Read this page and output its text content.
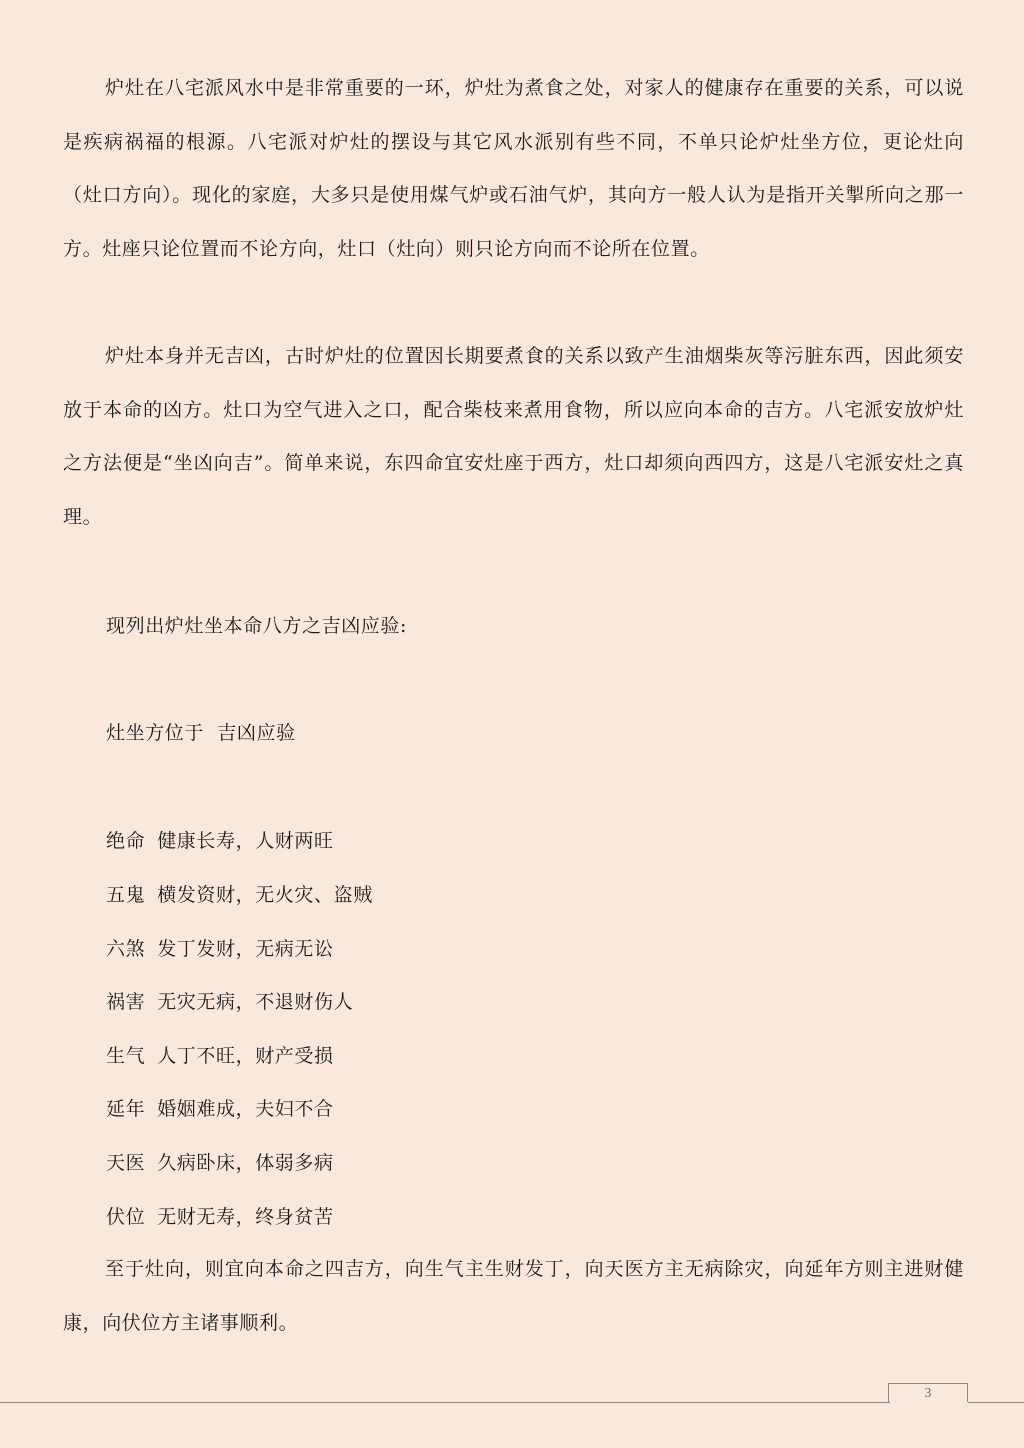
炉灶在八宅派风水中是非常重要的一环，炉灶为煮食之处，对家人的健康存在重要的关系，可以说是疾病祸福的根源。八宅派对炉灶的摆设与其它风水派别有些不同，不单只论炉灶坐方位，更论灶向（灶口方向）。现化的家庭，大多只是使用煤气炉或石油气炉，其向方一般人认为是指开关掣所向之那一方。灶座只论位置而不论方向，灶口（灶向）则只论方向而不论所在位置。

炉灶本身并无吉凶，古时炉灶的位置因长期要煮食的关系以致产生油烟柴灰等污脏东西，因此须安放于本命的凶方。灶口为空气进入之口，配合柴枝来煮用食物，所以应向本命的吉方。八宅派安放炉灶之方法便是“坐凶向吉”。简单来说，东四命宜安灶座于西方，灶口却须向西四方，这是八宅派安灶之真理。

现列出炉灶坐本命八方之吉凶应验:

灶坐方位于  吉凶应验

绝命 健康长寿，人财两旺
五鬼 横发资财，无火灾、盗贼
六煞 发丁发财，无病无讼
祸害 无灾无病，不退财伤人
生气 人丁不旺，财产受损
延年 婚姻难成，夫妇不合
天医 久病卧床，体弱多病
伏位 无财无寿，终身贫苦

至于灶向，则宜向本命之四吉方，向生气主生财发丁，向天医方主无病除灾，向延年方则主进财健康，向伏位方主诸事顺利。

3
